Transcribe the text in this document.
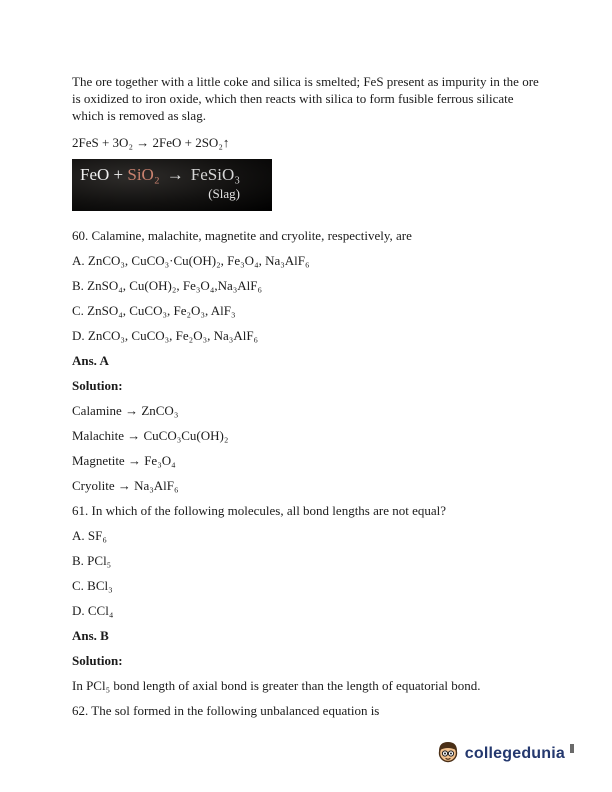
The ore together with a little coke and silica is smelted; FeS present as impurity in the ore is oxidized to iron oxide, which then reacts with silica to form fusible ferrous silicate which is removed as slag.

2FeS + 3O₂ → 2FeO + 2SO₂↑

FeO + SiO₂ → FeSiO₃
(Slag)

60. Calamine, malachite, magnetite and cryolite, respectively, are

A. ZnCO₃, CuCO₃·Cu(OH)₂, Fe₃O₄, Na₃AlF₆

B. ZnSO₄, Cu(OH)₂, Fe₃O₄,Na₃AlF₆

C. ZnSO₄, CuCO₃, Fe₂O₃, AlF₃

D. ZnCO₃, CuCO₃, Fe₂O₃, Na₃AlF₆

Ans. A

Solution:

Calamine → ZnCO₃

Malachite → CuCO₃Cu(OH)₂

Magnetite → Fe₃O₄

Cryolite → Na₃AlF₆

61. In which of the following molecules, all bond lengths are not equal?

A. SF₆

B. PCl₅

C. BCl₃

D. CCl₄

Ans. B

Solution:

In PCl₅ bond length of axial bond is greater than the length of equatorial bond.

62. The sol formed in the following unbalanced equation is

collegedunia
